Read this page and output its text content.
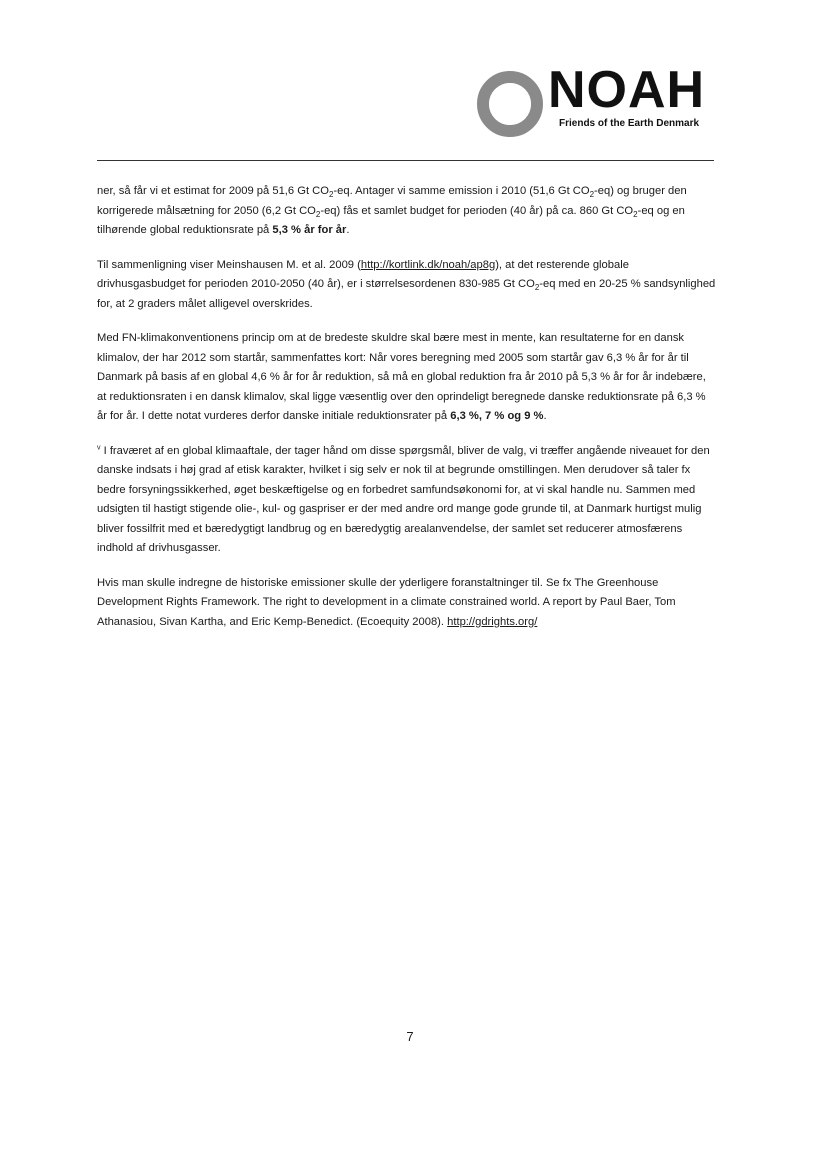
NOAH
Friends of the Earth Denmark

ner, så får vi et estimat for 2009 på 51,6 Gt $CO_2-eq$. Antager vi samme emission i 2010 (51,6 Gt $CO_2-eq$) og bruger den korrigerede målsætning for 2050 (6,2 Gt $CO_2-eq$) fås et samlet budget for perioden (40 år) på ca. 860 Gt $CO_2-eq$ og en tilhørende global reduktionsrate på 5,3 % år for år.

Til sammenligning viser Meinshausen M. et al. 2009 (http://kortlink.dk/noah/ap8g), at det resterende globale drivhusgasbudget for perioden 2010-2050 (40 år), er i størrelsesordenen 830-985 Gt $CO_2-eq$ med en 20-25 % sandsynlighed for, at 2 graders målet alligevel overskrides.

Med FN-klimakonventionens princip om at de bredeste skuldre skal bære mest in mente, kan resultaterne for en dansk klimalov, der har 2012 som startår, sammenfattes kort: Når vores beregning med 2005 som startår gav 6,3 % år for år til Danmark på basis af en global 4,6 % år for år reduktion, så må en global reduktion fra år 2010 på 5,3 % år for år indebære, at reduktionsraten i en dansk klimalov, skal ligge væsentlig over den oprindeligt beregnede danske reduktionsrate på 6,3 % år for år. I dette notat vurderes derfor danske initiale reduktionsrater på 6,3 %, 7 % og 9 %.

$^v$ I fraværet af en global klimaaftale, der tager hånd om disse spørgsmål, bliver de valg, vi træffer angående niveauet for den danske indsats i høj grad af etisk karakter, hvilket i sig selv er nok til at begrunde omstillingen. Men derudover så taler fx bedre forsyningssikkerhed, øget beskæftigelse og en forbedret samfundsøkonomi for, at vi skal handle nu. Sammen med udsigten til hastigt stigende olie-, kul- og gaspriser er der med andre ord mange gode grunde til, at Danmark hurtigst mulig bliver fossilfrit med et bæredygtigt landbrug og en bæredygtig arealanvendelse, der samlet set reducerer atmosfærens indhold af drivhusgasser.

Hvis man skulle indregne de historiske emissioner skulle der yderligere foranstaltninger til. Se fx The Greenhouse Development Rights Framework. The right to development in a climate constrained world. A report by Paul Baer, Tom Athanasiou, Sivan Kartha, and Eric Kemp-Benedict. (Ecoequity 2008). http://gdrights.org/

7
